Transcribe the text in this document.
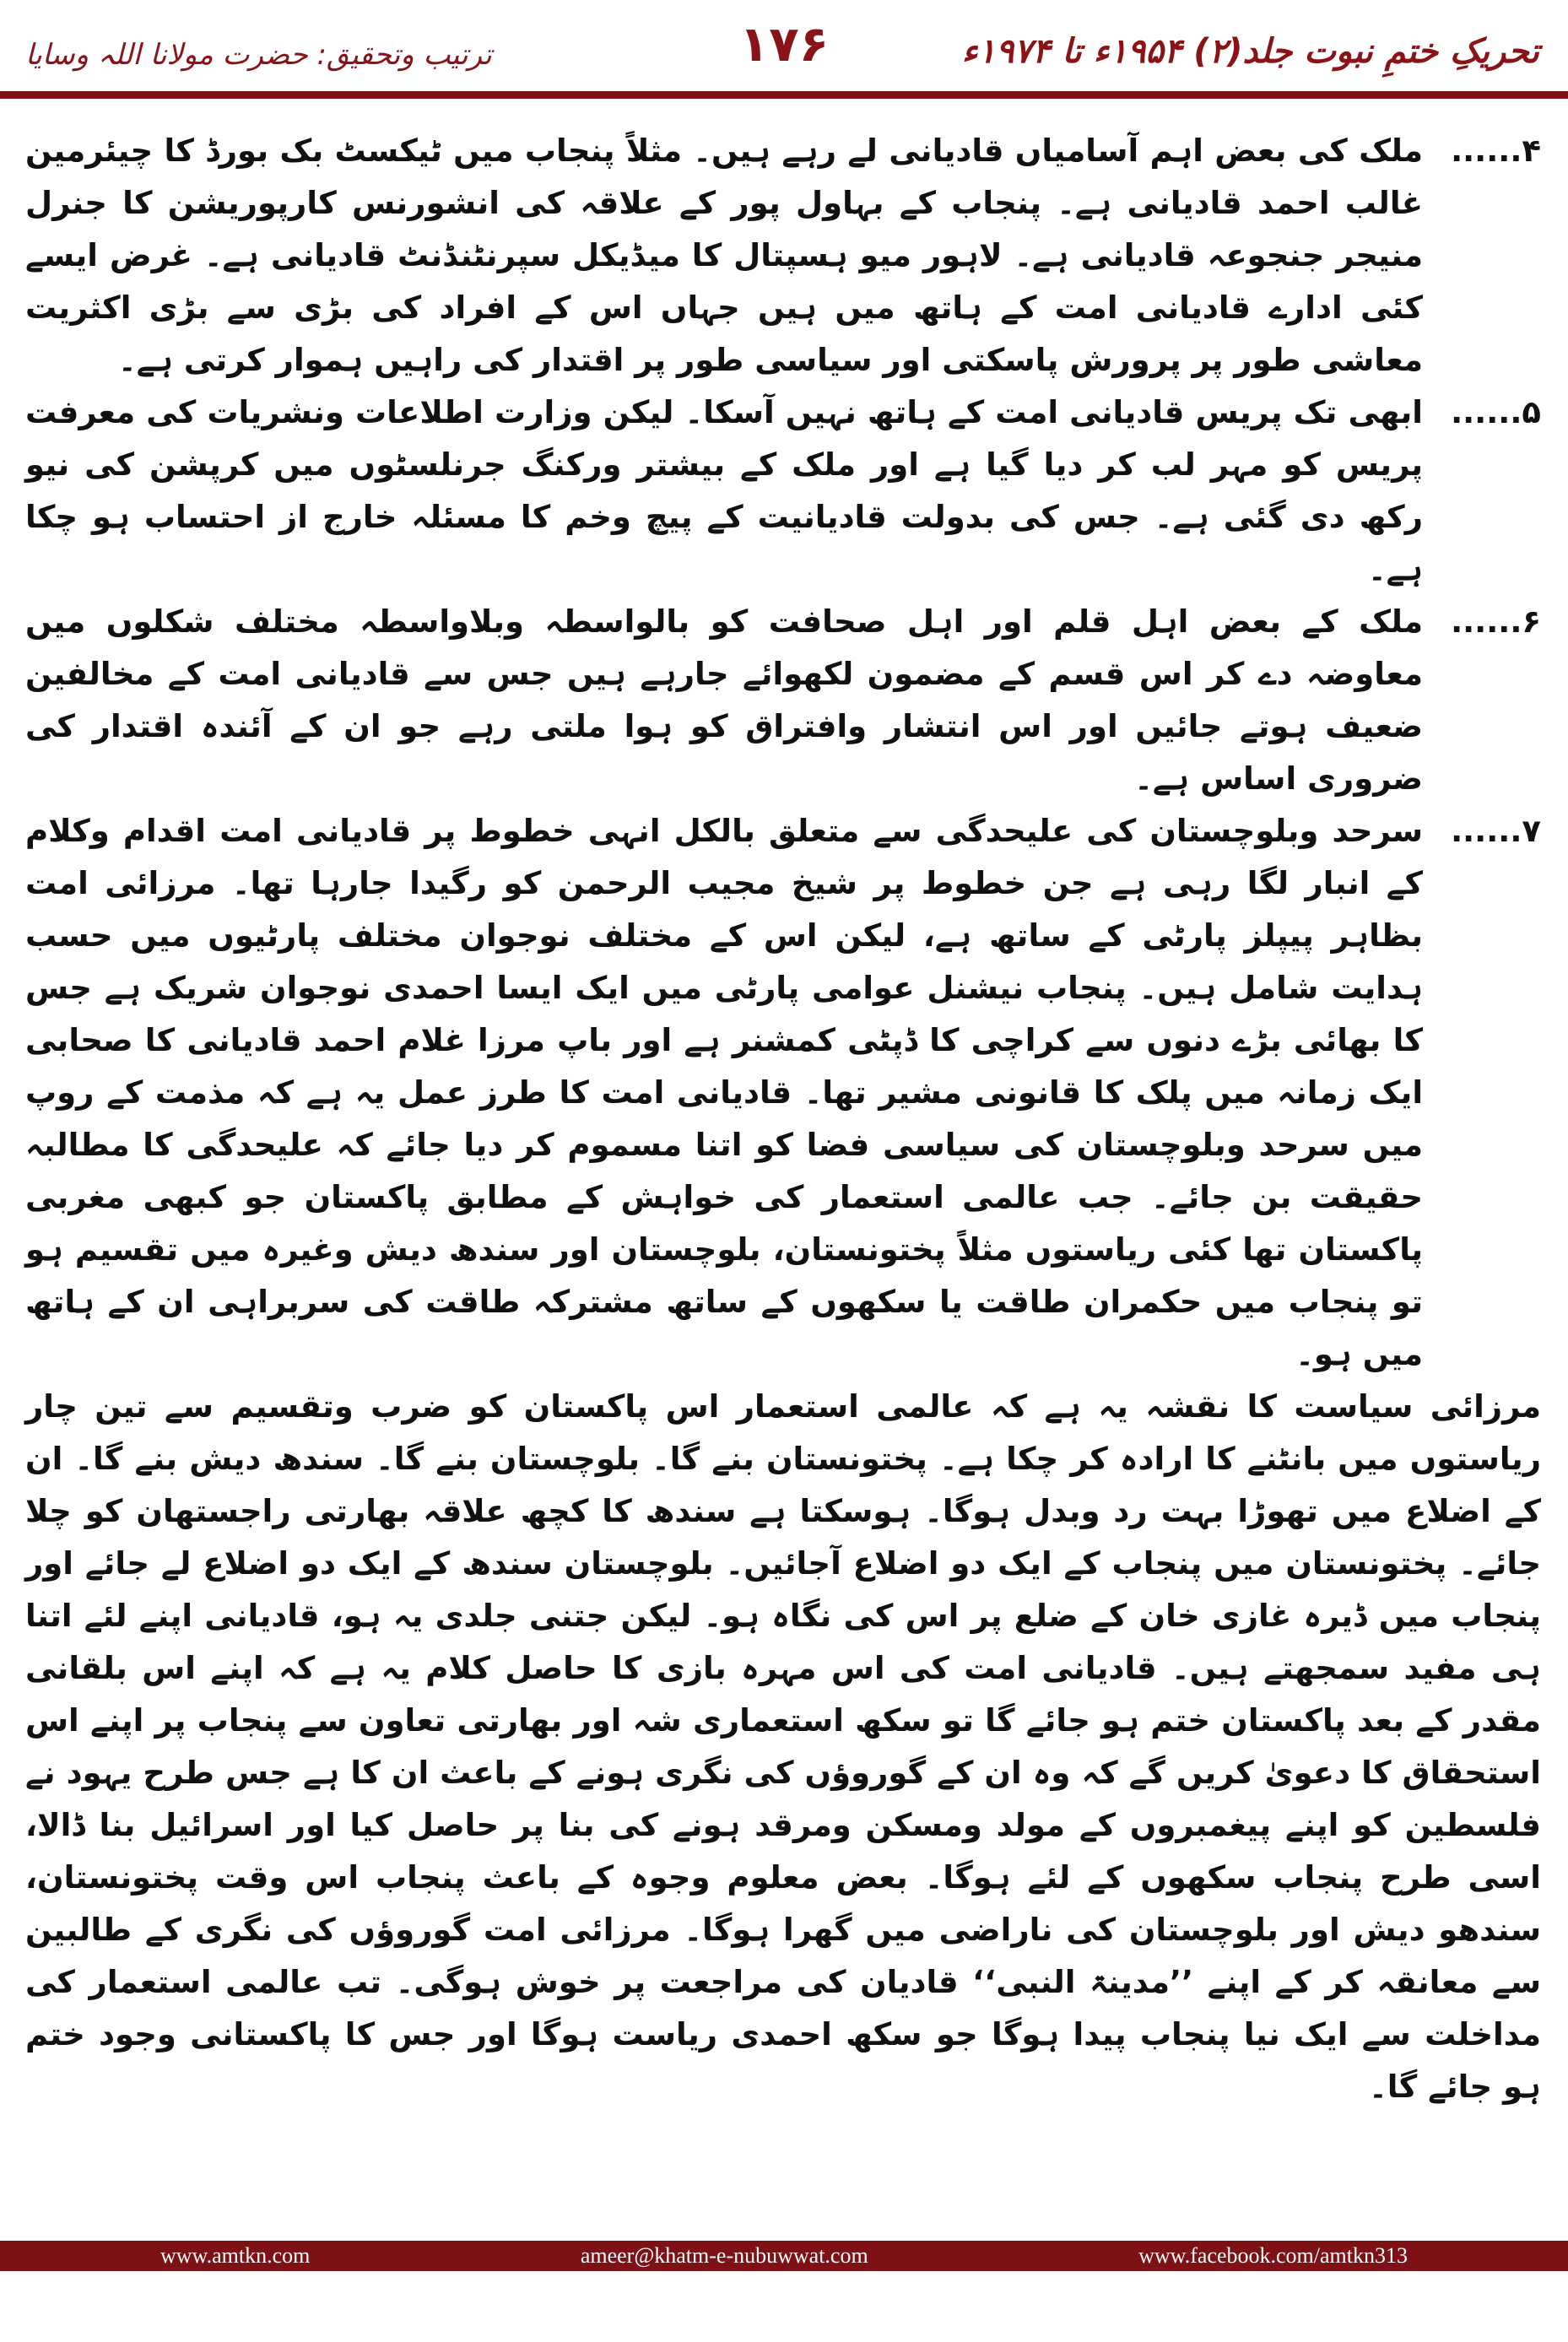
تحریکِ ختمِ نبوت جلد(۲) ۱۹۵۴ء تا ۱۹۷۴ء
۱۷۶
ترتیب وتحقیق: حضرت مولانا اللہ وسایا
۴......
ملک کی بعض اہم آسامیاں قادیانی لے رہے ہیں۔ مثلاً پنجاب میں ٹیکسٹ بک بورڈ کا چیئرمین غالب احمد قادیانی ہے۔ پنجاب کے بہاول پور کے علاقہ کی انشورنس کارپوریشن کا جنرل منیجر جنجوعہ قادیانی ہے۔ لاہور میو ہسپتال کا میڈیکل سپرنٹنڈنٹ قادیانی ہے۔ غرض ایسے کئی ادارے قادیانی امت کے ہاتھ میں ہیں جہاں اس کے افراد کی بڑی سے بڑی اکثریت معاشی طور پر پرورش پاسکتی اور سیاسی طور پر اقتدار کی راہیں ہموار کرتی ہے۔
۵......
ابھی تک پریس قادیانی امت کے ہاتھ نہیں آسکا۔ لیکن وزارت اطلاعات ونشریات کی معرفت پریس کو مہر لب کر دیا گیا ہے اور ملک کے بیشتر ورکنگ جرنلسٹوں میں کرپشن کی نیو رکھ دی گئی ہے۔ جس کی بدولت قادیانیت کے پیچ وخم کا مسئلہ خارج از احتساب ہو چکا ہے۔
۶......
ملک کے بعض اہل قلم اور اہل صحافت کو بالواسطہ وبلاواسطہ مختلف شکلوں میں معاوضہ دے کر اس قسم کے مضمون لکھوائے جارہے ہیں جس سے قادیانی امت کے مخالفین ضعیف ہوتے جائیں اور اس انتشار وافتراق کو ہوا ملتی رہے جو ان کے آئندہ اقتدار کی ضروری اساس ہے۔
۷......
سرحد وبلوچستان کی علیحدگی سے متعلق بالکل انہی خطوط پر قادیانی امت اقدام وکلام کے انبار لگا رہی ہے جن خطوط پر شیخ مجیب الرحمن کو رگیدا جارہا تھا۔ مرزائی امت بظاہر پیپلز پارٹی کے ساتھ ہے، لیکن اس کے مختلف نوجوان مختلف پارٹیوں میں حسب ہدایت شامل ہیں۔ پنجاب نیشنل عوامی پارٹی میں ایک ایسا احمدی نوجوان شریک ہے جس کا بھائی بڑے دنوں سے کراچی کا ڈپٹی کمشنر ہے اور باپ مرزا غلام احمد قادیانی کا صحابی ایک زمانہ میں پلک کا قانونی مشیر تھا۔ قادیانی امت کا طرز عمل یہ ہے کہ مذمت کے روپ میں سرحد وبلوچستان کی سیاسی فضا کو اتنا مسموم کر دیا جائے کہ علیحدگی کا مطالبہ حقیقت بن جائے۔ جب عالمی استعمار کی خواہش کے مطابق پاکستان جو کبھی مغربی پاکستان تھا کئی ریاستوں مثلاً پختونستان، بلوچستان اور سندھ دیش وغیرہ میں تقسیم ہو تو پنجاب میں حکمران طاقت یا سکھوں کے ساتھ مشترکہ طاقت کی سربراہی ان کے ہاتھ میں ہو۔
مرزائی سیاست کا نقشہ یہ ہے کہ عالمی استعمار اس پاکستان کو ضرب وتقسیم سے تین چار ریاستوں میں بانٹنے کا ارادہ کر چکا ہے۔ پختونستان بنے گا۔ بلوچستان بنے گا۔ سندھ دیش بنے گا۔ ان کے اضلاع میں تھوڑا بہت رد وبدل ہوگا۔ ہوسکتا ہے سندھ کا کچھ علاقہ بھارتی راجستھان کو چلا جائے۔ پختونستان میں پنجاب کے ایک دو اضلاع آجائیں۔ بلوچستان سندھ کے ایک دو اضلاع لے جائے اور پنجاب میں ڈیرہ غازی خان کے ضلع پر اس کی نگاہ ہو۔ لیکن جتنی جلدی یہ ہو، قادیانی اپنے لئے اتنا ہی مفید سمجھتے ہیں۔ قادیانی امت کی اس مہرہ بازی کا حاصل کلام یہ ہے کہ اپنے اس بلقانی مقدر کے بعد پاکستان ختم ہو جائے گا تو سکھ استعماری شہ اور بھارتی تعاون سے پنجاب پر اپنے اس استحقاق کا دعویٰ کریں گے کہ وہ ان کے گوروؤں کی نگری ہونے کے باعث ان کا ہے جس طرح یہود نے فلسطین کو اپنے پیغمبروں کے مولد ومسکن ومرقد ہونے کی بنا پر حاصل کیا اور اسرائیل بنا ڈالا، اسی طرح پنجاب سکھوں کے لئے ہوگا۔ بعض معلوم وجوہ کے باعث پنجاب اس وقت پختونستان، سندھو دیش اور بلوچستان کی ناراضی میں گھرا ہوگا۔ مرزائی امت گوروؤں کی نگری کے طالبین سے معانقہ کر کے اپنے ’’مدینۃ النبی‘‘ قادیان کی مراجعت پر خوش ہوگی۔ تب عالمی استعمار کی مداخلت سے ایک نیا پنجاب پیدا ہوگا جو سکھ احمدی ریاست ہوگا اور جس کا پاکستانی وجود ختم ہو جائے گا۔
www.amtkn.com	ameer@khatm-e-nubuwwat.com	www.facebook.com/amtkn313
